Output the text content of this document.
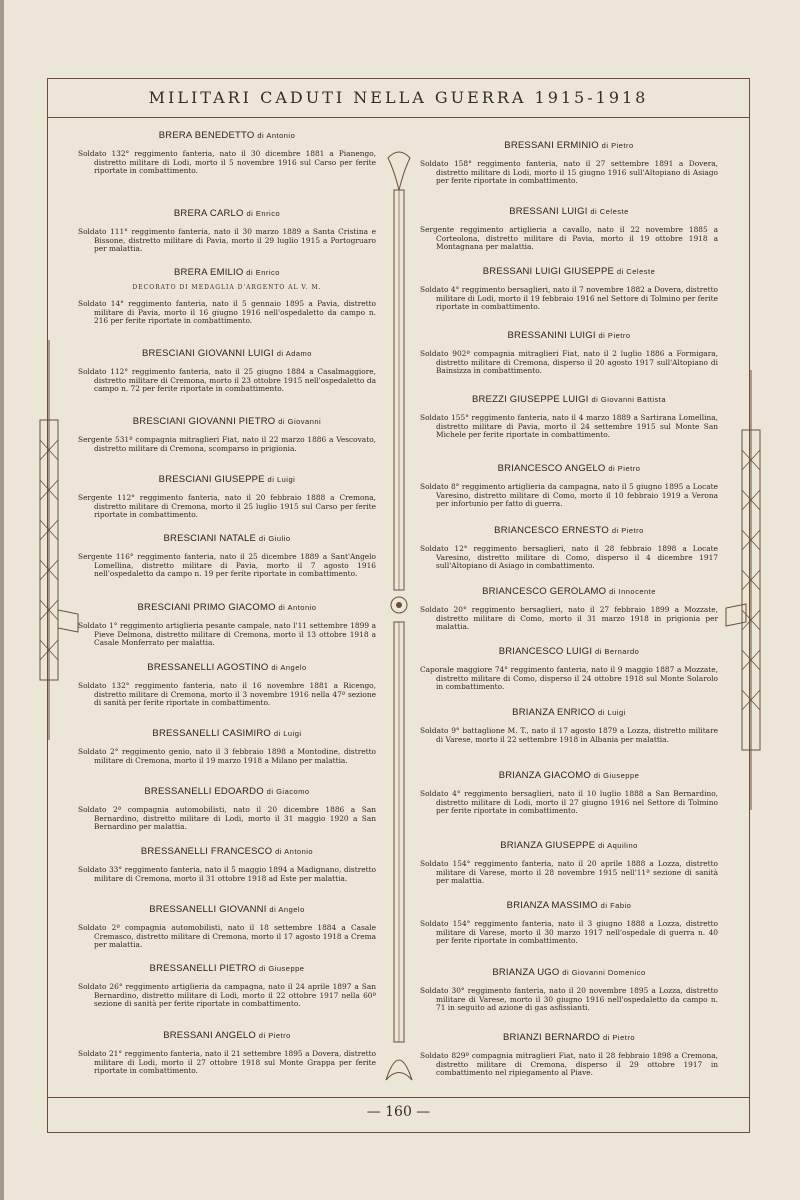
MILITARI CADUTI NELLA GUERRA 1915-1918
BRERA BENEDETTO di Antonio
Soldato 132° reggimento fanteria, nato il 30 dicembre 1881 a Pianengo, distretto militare di Lodi, morto il 5 novembre 1916 sul Carso per ferite riportate in combattimento.
BRERA CARLO di Enrico
Soldato 111° reggimento fanteria, nato il 30 marzo 1889 a Santa Cristina e Bissone, distretto militare di Pavia, morto il 29 luglio 1915 a Portogruaro per malattia.
BRERA EMILIO di Enrico
DECORATO DI MEDAGLIA D'ARGENTO AL V. M.
Soldato 14° reggimento fanteria, nato il 5 gennaio 1895 a Pavia, distretto militare di Pavia, morto il 16 giugno 1916 nell'ospedaletto da campo n. 216 per ferite riportate in combattimento.
BRESCIANI GIOVANNI LUIGI di Adamo
Soldato 112° reggimento fanteria, nato il 25 giugno 1884 a Casalmaggiore, distretto militare di Cremona, morto il 23 ottobre 1915 nell'ospedaletto da campo n. 72 per ferite riportate in combattimento.
BRESCIANI GIOVANNI PIETRO di Giovanni
Sergente 531ª compagnia mitraglieri Fiat, nato il 22 marzo 1886 a Vescovato, distretto militare di Cremona, scomparso in prigionia.
BRESCIANI GIUSEPPE di Luigi
Sergente 112° reggimento fanteria, nato il 20 febbraio 1888 a Cremona, distretto militare di Cremona, morto il 25 luglio 1915 sul Carso per ferite riportate in combattimento.
BRESCIANI NATALE di Giulio
Sergente 116° reggimento fanteria, nato il 25 dicembre 1889 a Sant'Angelo Lomellina, distretto militare di Pavia, morto il 7 agosto 1916 nell'ospedaletto da campo n. 19 per ferite riportate in combattimento.
BRESCIANI PRIMO GIACOMO di Antonio
Soldato 1° reggimento artiglieria pesante campale, nato l'11 settembre 1899 a Pieve Delmona, distretto militare di Cremona, morto il 13 ottobre 1918 a Casale Monferrato per malattia.
BRESSANELLI AGOSTINO di Angelo
Soldato 132° reggimento fanteria, nato il 16 novembre 1881 a Ricengo, distretto militare di Cremona, morto il 3 novembre 1916 nella 47ª sezione di sanità per ferite riportate in combattimento.
BRESSANELLI CASIMIRO di Luigi
Soldato 2° reggimento genio, nato il 3 febbraio 1898 a Montodine, distretto militare di Cremona, morto il 19 marzo 1918 a Milano per malattia.
BRESSANELLI EDOARDO di Giacomo
Soldato 2ª compagnia automobilisti, nato il 20 dicembre 1886 a San Bernardino, distretto militare di Lodi, morto il 31 maggio 1920 a San Bernardino per malattia.
BRESSANELLI FRANCESCO di Antonio
Soldato 33° reggimento fanteria, nato il 5 maggio 1894 a Madignano, distretto militare di Cremona, morto il 31 ottobre 1918 ad Este per malattia.
BRESSANELLI GIOVANNI di Angelo
Soldato 2ª compagnia automobilisti, nato il 18 settembre 1884 a Casale Cremasco, distretto militare di Cremona, morto il 17 agosto 1918 a Crema per malattia.
BRESSANELLI PIETRO di Giuseppe
Soldato 26° reggimento artiglieria da campagna, nato il 24 aprile 1897 a San Bernardino, distretto militare di Lodi, morto il 22 ottobre 1917 nella 60ª sezione di sanità per ferite riportate in combattimento.
BRESSANI ANGELO di Pietro
Soldato 21° reggimento fanteria, nato il 21 settembre 1895 a Dovera, distretto militare di Lodi, morto il 27 ottobre 1918 sul Monte Grappa per ferite riportate in combattimento.
BRESSANI ERMINIO di Pietro
Soldato 158° reggimento fanteria, nato il 27 settembre 1891 a Dovera, distretto militare di Lodi, morto il 15 giugno 1916 sull'Altopiano di Asiago per ferite riportate in combattimento.
BRESSANI LUIGI di Celeste
Sergente reggimento artiglieria a cavallo, nato il 22 novembre 1885 a Corteolona, distretto militare di Pavia, morto il 19 ottobre 1918 a Montagnana per malattia.
BRESSANI LUIGI GIUSEPPE di Celeste
Soldato 4° reggimento bersaglieri, nato il 7 novembre 1882 a Dovera, distretto militare di Lodi, morto il 19 febbraio 1916 nel Settore di Tolmino per ferite riportate in combattimento.
BRESSANINI LUIGI di Pietro
Soldato 902ª compagnia mitraglieri Fiat, nato il 2 luglio 1886 a Formigara, distretto militare di Cremona, disperso il 20 agosto 1917 sull'Altopiano di Bainsizza in combattimento.
BREZZI GIUSEPPE LUIGI di Giovanni Battista
Soldato 155° reggimento fanteria, nato il 4 marzo 1889 a Sartirana Lomellina, distretto militare di Pavia, morto il 24 settembre 1915 sul Monte San Michele per ferite riportate in combattimento.
BRIANCESCO ANGELO di Pietro
Soldato 8° reggimento artiglieria da campagna, nato il 5 giugno 1895 a Locate Varesino, distretto militare di Como, morto il 10 febbraio 1919 a Verona per infortunio per fatto di guerra.
BRIANCESCO ERNESTO di Pietro
Soldato 12° reggimento bersaglieri, nato il 28 febbraio 1898 a Locate Varesino, distretto militare di Como, disperso il 4 dicembre 1917 sull'Altopiano di Asiago in combattimento.
BRIANCESCO GEROLAMO di Innocente
Soldato 20° reggimento bersaglieri, nato il 27 febbraio 1899 a Mozzate, distretto militare di Como, morto il 31 marzo 1918 in prigionia per malattia.
BRIANCESCO LUIGI di Bernardo
Caporale maggiore 74° reggimento fanteria, nato il 9 maggio 1887 a Mozzate, distretto militare di Como, disperso il 24 ottobre 1918 sul Monte Solarolo in combattimento.
BRIANZA ENRICO di Luigi
Soldato 9° battaglione M. T., nato il 17 agosto 1879 a Lozza, distretto militare di Varese, morto il 22 settembre 1918 in Albania per malattia.
BRIANZA GIACOMO di Giuseppe
Soldato 4° reggimento bersaglieri, nato il 10 luglio 1888 a San Bernardino, distretto militare di Lodi, morto il 27 giugno 1916 nel Settore di Tolmino per ferite riportate in combattimento.
BRIANZA GIUSEPPE di Aquilino
Soldato 154° reggimento fanteria, nato il 20 aprile 1888 a Lozza, distretto militare di Varese, morto il 28 novembre 1915 nell'11ª sezione di sanità per malattia.
BRIANZA MASSIMO di Fabio
Soldato 154° reggimento fanteria, nato il 3 giugno 1888 a Lozza, distretto militare di Varese, morto il 30 marzo 1917 nell'ospedale di guerra n. 40 per ferite riportate in combattimento.
BRIANZA UGO di Giovanni Domenico
Soldato 30° reggimento fanteria, nato il 20 novembre 1895 a Lozza, distretto militare di Varese, morto il 30 giugno 1916 nell'ospedaletto da campo n. 71 in seguito ad azione di gas asfissianti.
BRIANZI BERNARDO di Pietro
Soldato 829ª compagnia mitraglieri Fiat, nato il 28 febbraio 1898 a Cremona, distretto militare di Cremona, disperso il 29 ottobre 1917 in combattimento nel ripiegamento al Piave.
— 160 —
